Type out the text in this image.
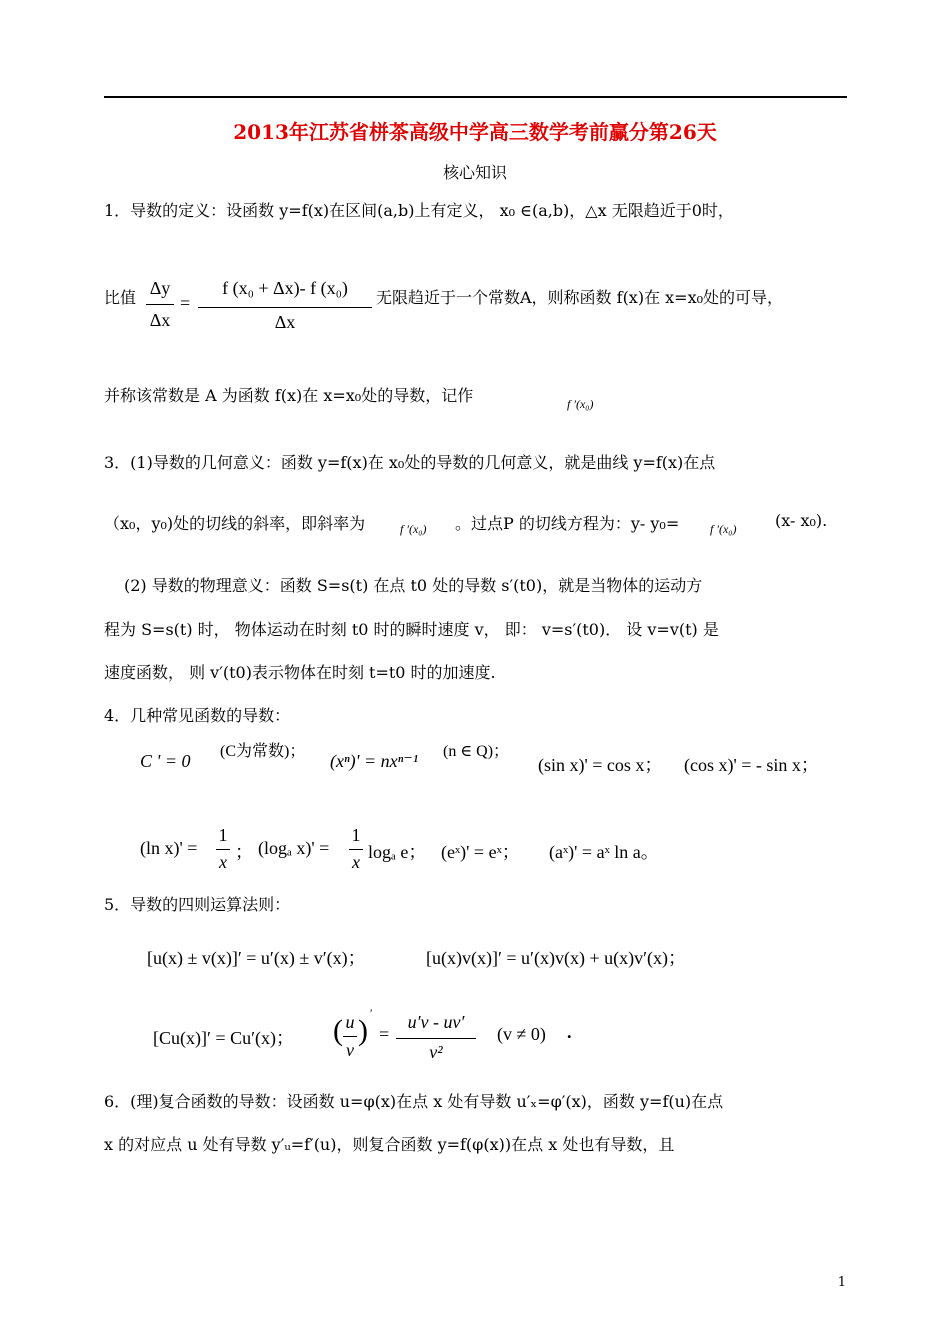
2013年江苏省栟茶高级中学高三数学考前赢分第26天
核心知识
1．导数的定义：设函数 y=f(x)在区间(a,b)上有定义， x₀ ∈(a,b)，△x 无限趋近于0时，
比值 Δy
Δx
=
f (x₀ + Δx)- f (x₀)
Δx
无限趋近于一个常数A，则称函数 f(x)在 x=x₀处的可导，
并称该常数是 A 为函数 f(x)在 x=x₀处的导数，记作	f ′(x₀)
3．(1)导数的几何意义：函数 y=f(x)在 x₀处的导数的几何意义，就是曲线 y=f(x)在点
（x₀，y₀)处的切线的斜率，即斜率为	f ′(x₀) 。过点P 的切线方程为：y- y₀=	f ′(x₀) (x- x₀).
(2) 导数的物理意义：函数 S=s(t) 在点 t0 处的导数 s′(t0)，就是当物体的运动方
程为 S=s(t) 时， 物体运动在时刻 t0 时的瞬时速度 v， 即： v=s′(t0)． 设 v=v(t) 是
速度函数， 则 v′(t0)表示物体在时刻 t=t0 时的加速度.
4．几种常见函数的导数：
C ' = 0 (C为常数)； (xⁿ)' = nxⁿ⁻¹ (n ∈ Q)；
(sin x)' = cos x； (cos x)' = - sin x；
(ln x)' =
1
x ； (logₐ x)' =
1
x logₐ e； (eˣ)' = eˣ； (aˣ)' = aˣ ln a。
5．导数的四则运算法则：
[u(x) ± v(x)]′ = u′(x) ± v′(x)；	[u(x)v(x)]′ = u′(x)v(x) + u(x)v′(x)；
[Cu(x)]′ = Cu′(x)； ( u
v
)
′
=
u′v - uv′
v²
(v ≠ 0) .
6．(理)复合函数的导数：设函数 u=φ(x)在点 x 处有导数 u′ₓ=φ′(x)，函数 y=f(u)在点
x 的对应点 u 处有导数 y′ᵤ=f′(u)，则复合函数 y=f(φ(x))在点 x 处也有导数，且
1
